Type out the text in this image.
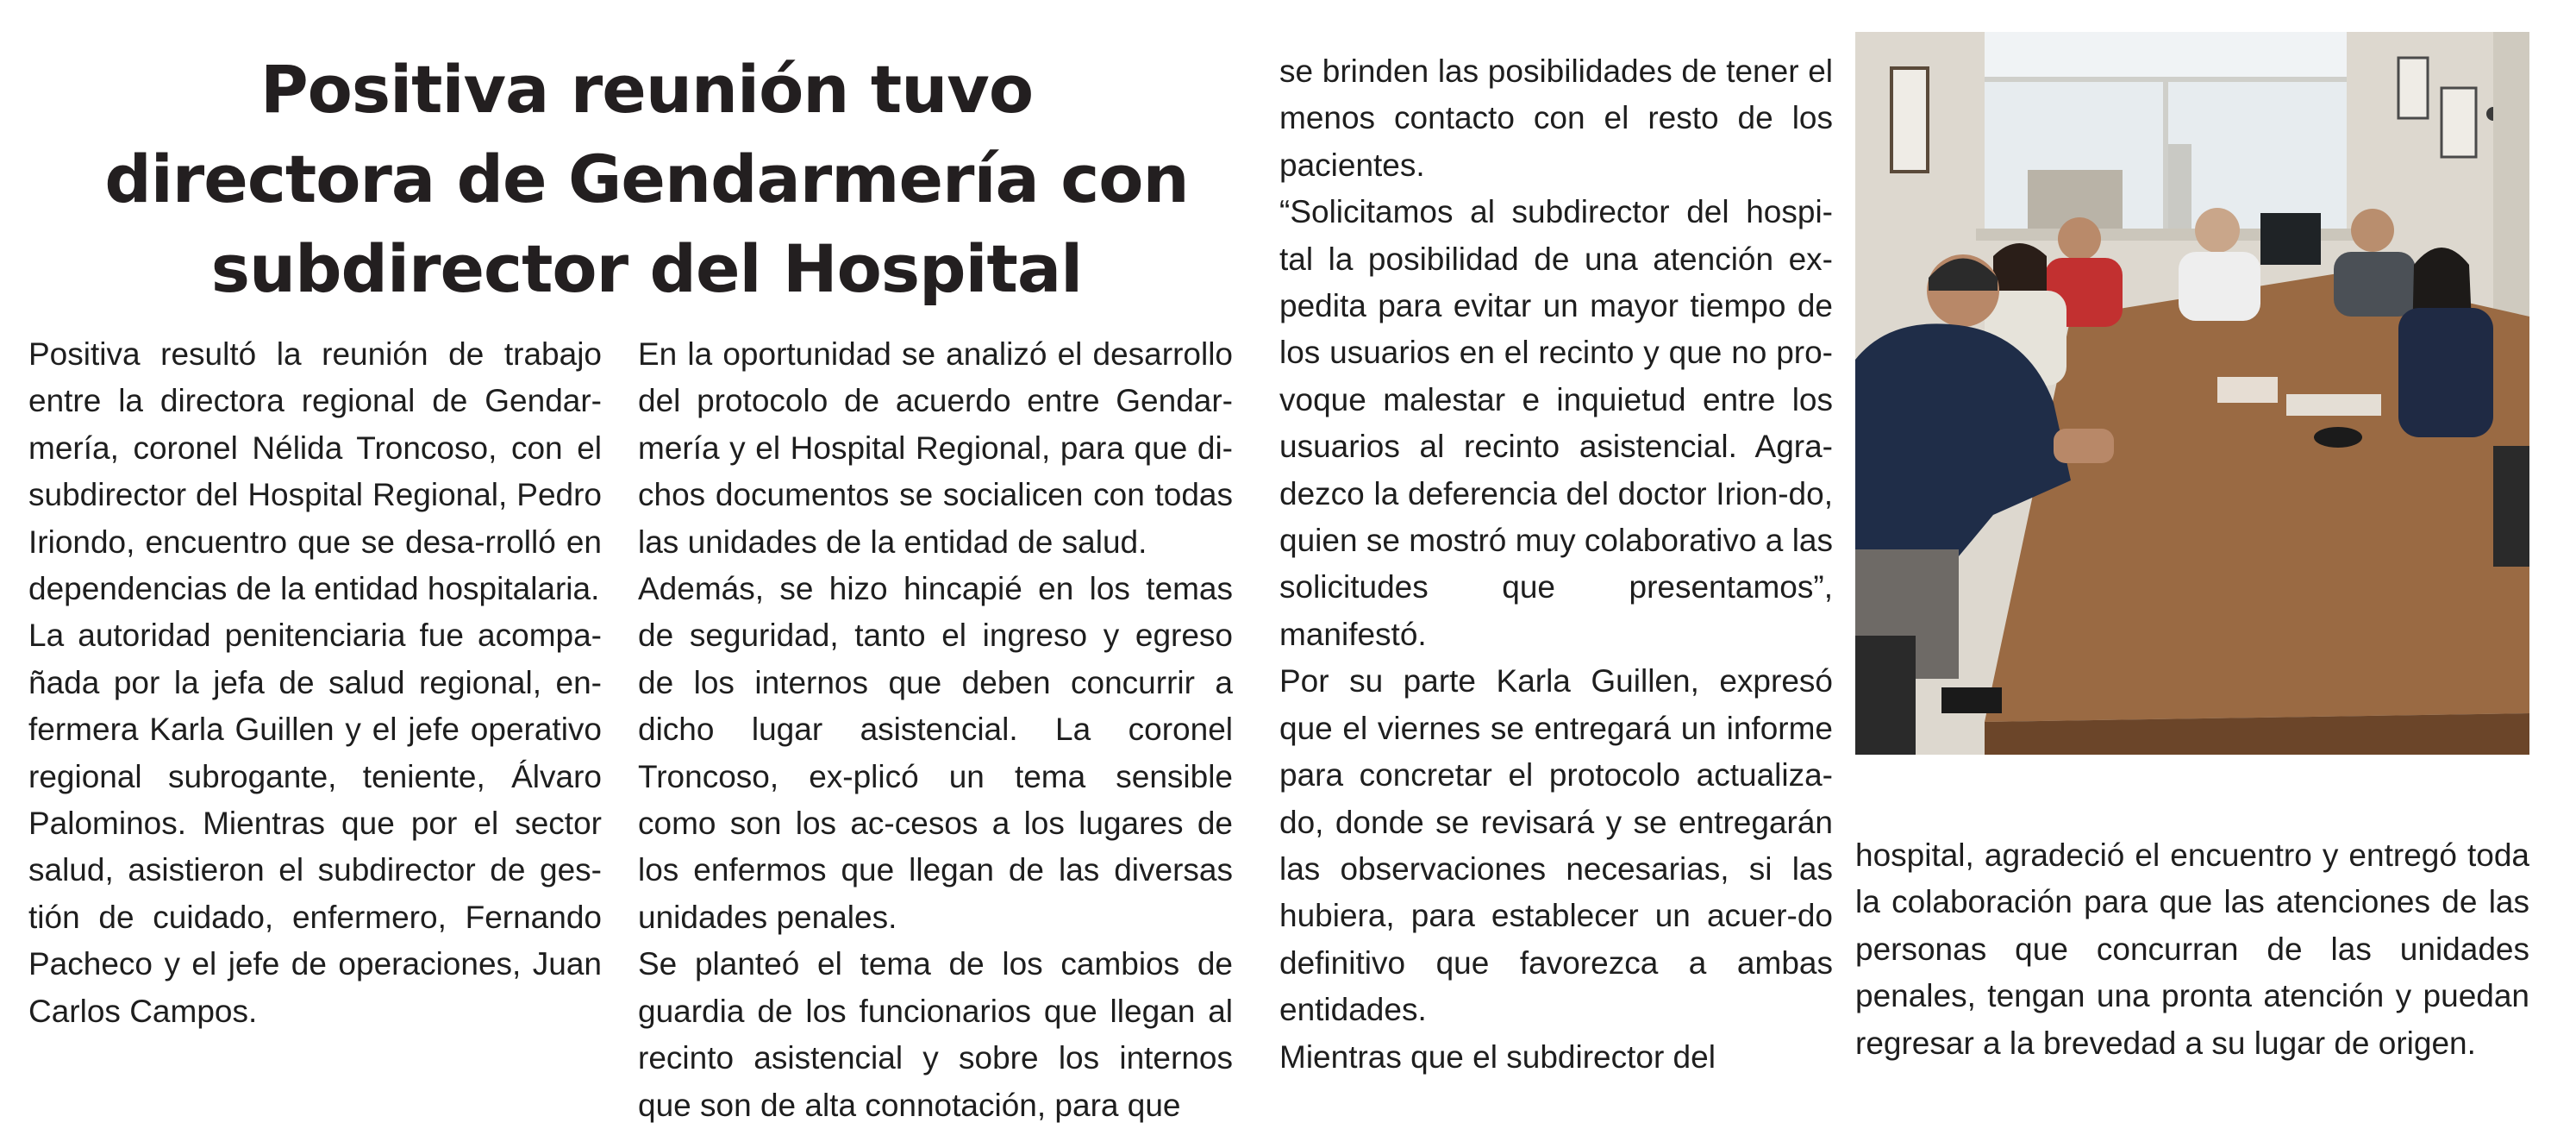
Positiva reunión tuvo directora de Gendarmería con subdirector del Hospital

Positiva resultó la reunión de trabajo entre la directora regional de Gendar-mería, coronel Nélida Troncoso, con el subdirector del Hospital Regional, Pedro Iriondo, encuentro que se desa-rrolló en dependencias de la entidad hospitalaria.

La autoridad penitenciaria fue acompa-ñada por la jefa de salud regional, en-fermera Karla Guillen y el jefe operativo regional subrogante, teniente, Álvaro Palominos. Mientras que por el sector salud, asistieron el subdirector de ges-tión de cuidado, enfermero, Fernando Pacheco y el jefe de operaciones, Juan Carlos Campos.

En la oportunidad se analizó el desarrollo del protocolo de acuerdo entre Gendar-mería y el Hospital Regional, para que di-chos documentos se socialicen con todas las unidades de la entidad de salud.

Además, se hizo hincapié en los temas de seguridad, tanto el ingreso y egreso de los internos que deben concurrir a dicho lugar asistencial. La coronel Troncoso, ex-plicó un tema sensible como son los ac-cesos a los lugares de los enfermos que llegan de las diversas unidades penales.

Se planteó el tema de los cambios de guardia de los funcionarios que llegan al recinto asistencial y sobre los internos que son de alta connotación, para que

se brinden las posibilidades de tener el menos contacto con el resto de los pacientes.

“Solicitamos al subdirector del hospi-tal la posibilidad de una atención ex-pedita para evitar un mayor tiempo de los usuarios en el recinto y que no pro-voque malestar e inquietud entre los usuarios al recinto asistencial. Agra-dezco la deferencia del doctor Irion-do, quien se mostró muy colaborativo a las solicitudes que presentamos”, manifestó.

Por su parte Karla Guillen, expresó que el viernes se entregará un informe para concretar el protocolo actualiza-do, donde se revisará y se entregarán las observaciones necesarias, si las hubiera, para establecer un acuer-do definitivo que favorezca a ambas entidades.

Mientras que el subdirector del

hospital, agradeció el encuentro y entregó toda la colaboración para que las atenciones de las personas que concurran de las unidades penales, tengan una pronta atención y puedan regresar a la brevedad a su lugar de origen.
